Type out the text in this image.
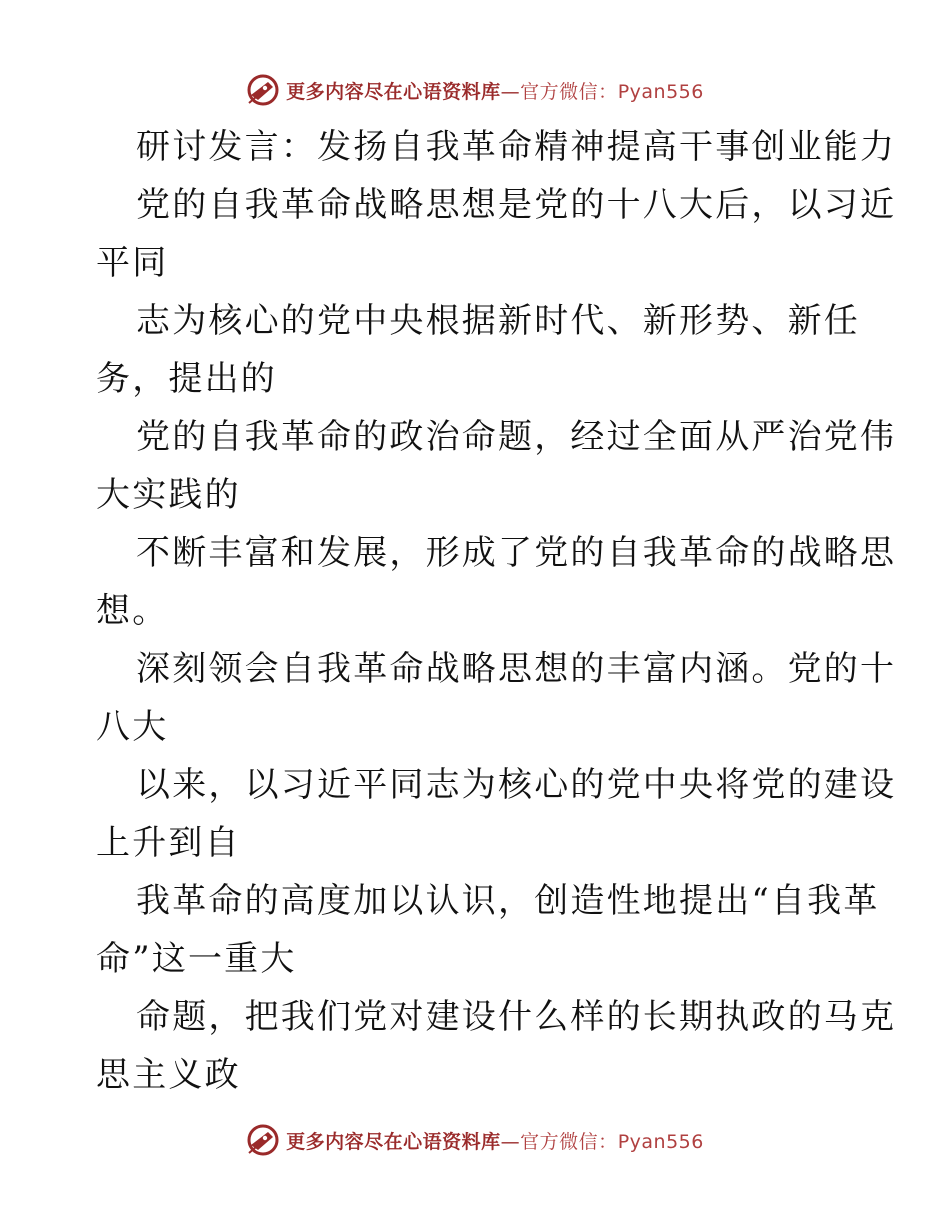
更多内容尽在心语资料库—官方微信：Pyan556
研讨发言：发扬自我革命精神提高干事创业能力
党的自我革命战略思想是党的十八大后，以习近
平同
志为核心的党中央根据新时代、新形势、新任
务，提出的
党的自我革命的政治命题，经过全面从严治党伟
大实践的
不断丰富和发展，形成了党的自我革命的战略思
想。
深刻领会自我革命战略思想的丰富内涵。党的十
八大
以来，以习近平同志为核心的党中央将党的建设
上升到自
我革命的高度加以认识，创造性地提出“自我革
命”这一重大
命题，把我们党对建设什么样的长期执政的马克
思主义政
更多内容尽在心语资料库—官方微信：Pyan556
